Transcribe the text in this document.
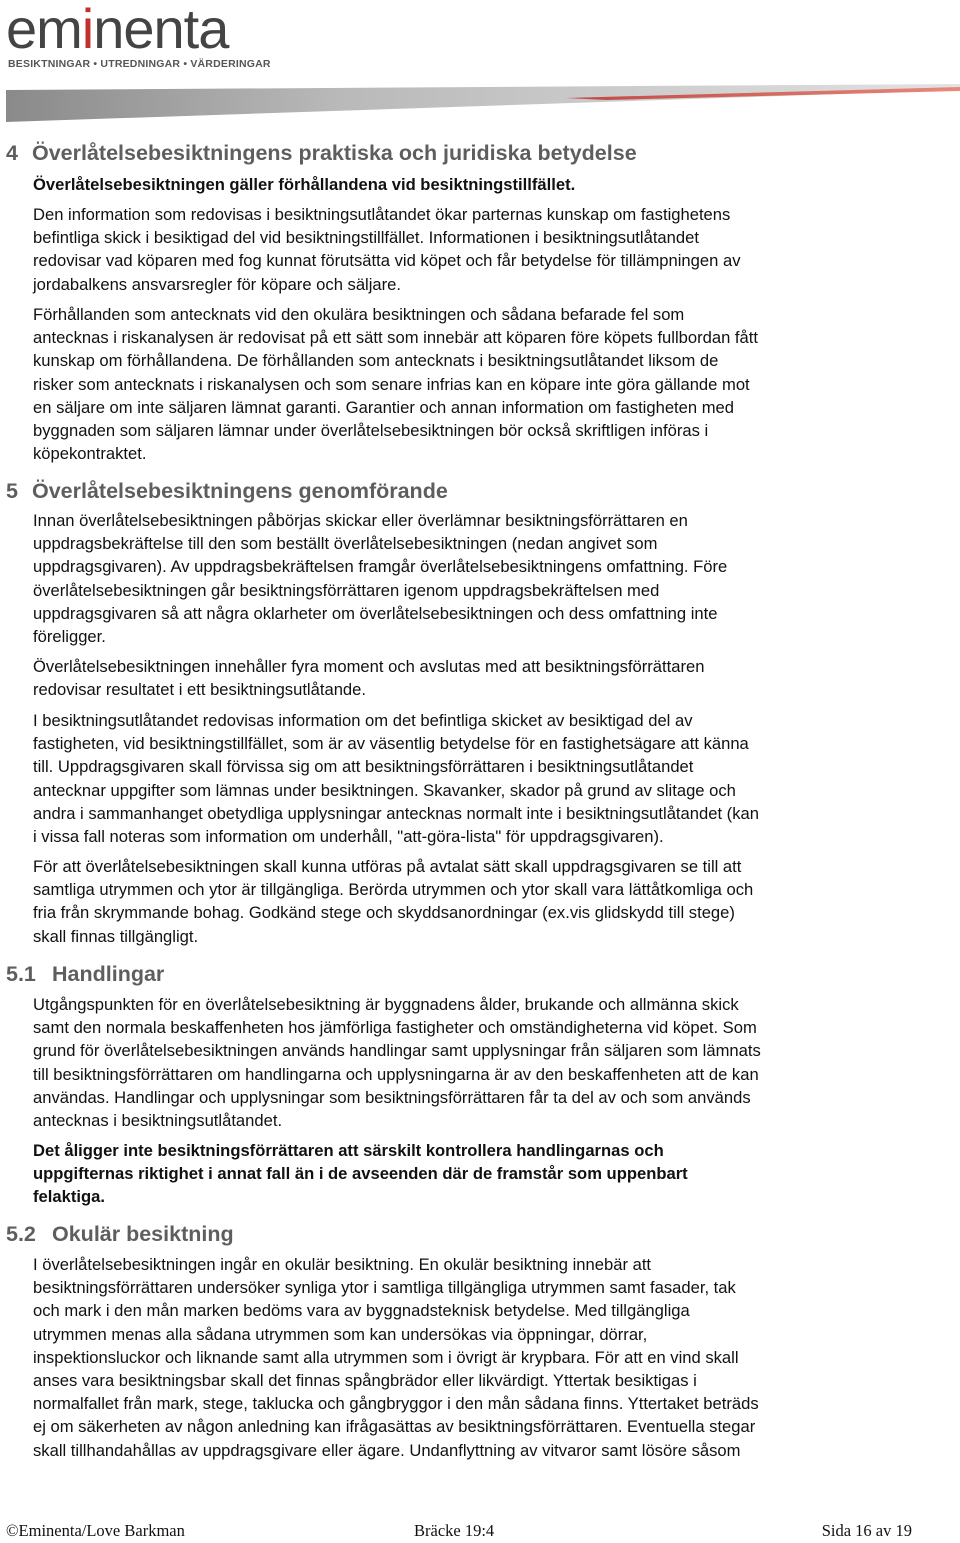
eminenta
BESIKTNINGAR • UTREDNINGAR • VÄRDERINGAR
4 Överlåtelsebesiktningens praktiska och juridiska betydelse
Överlåtelsebesiktningen gäller förhållandena vid besiktningstillfället.
Den information som redovisas i besiktningsutlåtandet ökar parternas kunskap om fastighetens
befintliga skick i besiktigad del vid besiktningstillfället. Informationen i besiktningsutlåtandet
redovisar vad köparen med fog kunnat förutsätta vid köpet och får betydelse för tillämpningen av
jordabalkens ansvarsregler för köpare och säljare.
Förhållanden som antecknats vid den okulära besiktningen och sådana befarade fel som
antecknas i riskanalysen är redovisat på ett sätt som innebär att köparen före köpets fullbordan fått
kunskap om förhållandena. De förhållanden som antecknats i besiktningsutlåtandet liksom de
risker som antecknats i riskanalysen och som senare infrias kan en köpare inte göra gällande mot
en säljare om inte säljaren lämnat garanti. Garantier och annan information om fastigheten med
byggnaden som säljaren lämnar under överlåtelsebesiktningen bör också skriftligen införas i
köpekontraktet.
5 Överlåtelsebesiktningens genomförande
Innan överlåtelsebesiktningen påbörjas skickar eller överlämnar besiktningsförrättaren en
uppdragsbekräftelse till den som beställt överlåtelsebesiktningen (nedan angivet som
uppdragsgivaren). Av uppdragsbekräftelsen framgår överlåtelsebesiktningens omfattning. Före
överlåtelsebesiktningen går besiktningsförrättaren igenom uppdragsbekräftelsen med
uppdragsgivaren så att några oklarheter om överlåtelsebesiktningen och dess omfattning inte
föreligger.
Överlåtelsebesiktningen innehåller fyra moment och avslutas med att besiktningsförrättaren
redovisar resultatet i ett besiktningsutlåtande.
I besiktningsutlåtandet redovisas information om det befintliga skicket av besiktigad del av
fastigheten, vid besiktningstillfället, som är av väsentlig betydelse för en fastighetsägare att känna
till. Uppdragsgivaren skall förvissa sig om att besiktningsförrättaren i besiktningsutlåtandet
antecknar uppgifter som lämnas under besiktningen. Skavanker, skador på grund av slitage och
andra i sammanhanget obetydliga upplysningar antecknas normalt inte i besiktningsutlåtandet (kan
i vissa fall noteras som information om underhåll, "att-göra-lista" för uppdragsgivaren).
För att överlåtelsebesiktningen skall kunna utföras på avtalat sätt skall uppdragsgivaren se till att
samtliga utrymmen och ytor är tillgängliga. Berörda utrymmen och ytor skall vara lättåtkomliga och
fria från skrymmande bohag. Godkänd stege och skyddsanordningar (ex.vis glidskydd till stege)
skall finnas tillgängligt.
5.1 Handlingar
Utgångspunkten för en överlåtelsebesiktning är byggnadens ålder, brukande och allmänna skick
samt den normala beskaffenheten hos jämförliga fastigheter och omständigheterna vid köpet. Som
grund för överlåtelsebesiktningen används handlingar samt upplysningar från säljaren som lämnats
till besiktningsförrättaren om handlingarna och upplysningarna är av den beskaffenheten att de kan
användas. Handlingar och upplysningar som besiktningsförrättaren får ta del av och som används
antecknas i besiktningsutlåtandet.
Det åligger inte besiktningsförrättaren att särskilt kontrollera handlingarnas och
uppgifternas riktighet i annat fall än i de avseenden där de framstår som uppenbart
felaktiga.
5.2 Okulär besiktning
I överlåtelsebesiktningen ingår en okulär besiktning. En okulär besiktning innebär att
besiktningsförrättaren undersöker synliga ytor i samtliga tillgängliga utrymmen samt fasader, tak
och mark i den mån marken bedöms vara av byggnadsteknisk betydelse. Med tillgängliga
utrymmen menas alla sådana utrymmen som kan undersökas via öppningar, dörrar,
inspektionsluckor och liknande samt alla utrymmen som i övrigt är krypbara. För att en vind skall
anses vara besiktningsbar skall det finnas spångbrädor eller likvärdigt. Yttertak besiktigas i
normalfallet från mark, stege, taklucka och gångbryggor i den mån sådana finns. Yttertaket beträds
ej om säkerheten av någon anledning kan ifrågasättas av besiktningsförrättaren. Eventuella stegar
skall tillhandahållas av uppdragsgivare eller ägare. Undanflyttning av vitvaror samt lösöre såsom
©Eminenta/Love Barkman	Bräcke 19:4	Sida 16 av 19
